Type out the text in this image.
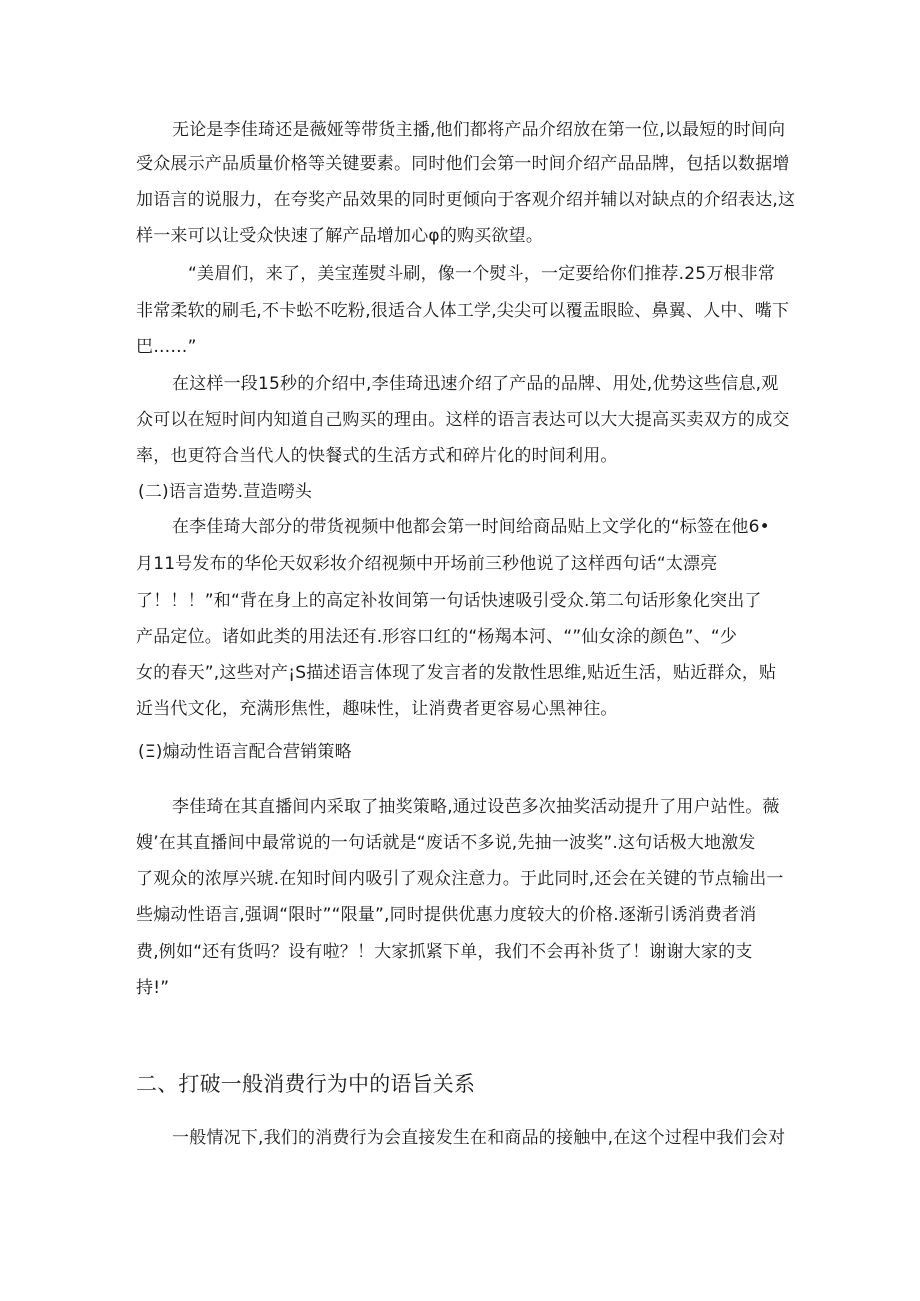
无论是李佳琦还是薇娅等带货主播,他们都将产品介绍放在第一位,以最短的时间向
受众展示产品质量价格等关键要素。同时他们会第一时间介绍产品品牌，包括以数据增
加语言的说服力，在夸奖产品效果的同时更倾向于客观介绍并辅以对缺点的介绍表达,这
样一来可以让受众快速了解产品增加心φ的购买欲望。
“美眉们，来了，美宝莲熨斗刷，像一个熨斗，一定要给你们推荐.25万根非常
非常柔软的刷毛,不卡蚣不吃粉,很适合人体工学,尖尖可以覆盂眼睑、鼻翼、人中、嘴下
巴……”
在这样一段15秒的介绍中,李佳琦迅速介绍了产品的品牌、用处,优势这些信息,观
众可以在短时间内知道自己购买的理由。这样的语言表达可以大大提高买卖双方的成交
率，也更符合当代人的快餐式的生活方式和碎片化的时间利用。
(二)语言造势.荁造嘮头
在李佳琦大部分的带货视频中他都会第一时间给商品贴上文学化的“标签在他6•
月11号发布的华伦天奴彩妆介绍视频中开场前三秒他说了这样西句话“太漂亮
了！！！”和“背在身上的高定补妆间第一句话快速吸引受众.第二句话形象化突出了
产品定位。诸如此类的用法还有.形容口红的“杨羯本河、“”仙女涂的颜色”、“少
女的春天”,这些对产¡S描述语言体现了发言者的发散性思维,贴近生活，贴近群众，贴
近当代文化，充满形焦性，趣味性，让消费者更容易心黑神往。
(Ξ)煽动性语言配合营销策略
李佳琦在其直播间内采取了抽奖策略,通过设芭多次抽奖活动提升了用户站性。薇
嫂’在其直播间中最常说的一句话就是“废话不多说,先抽一波奖”.这句话极大地激发
了观众的浓厚兴琥.在知时间内吸引了观众注意力。于此同时,还会在关键的节点输出一
些煽动性语言,强调“限时”“限量”,同时提供优惠力度较大的价格.逐渐引诱消费者消
费,例如“还有货吗？设有啦？！大家抓紧下单，我们不会再补货了！谢谢大家的支
持!”
二、打破一般消费行为中的语旨关系
一般情况下,我们的消费行为会直接发生在和商品的接触中,在这个过程中我们会对
